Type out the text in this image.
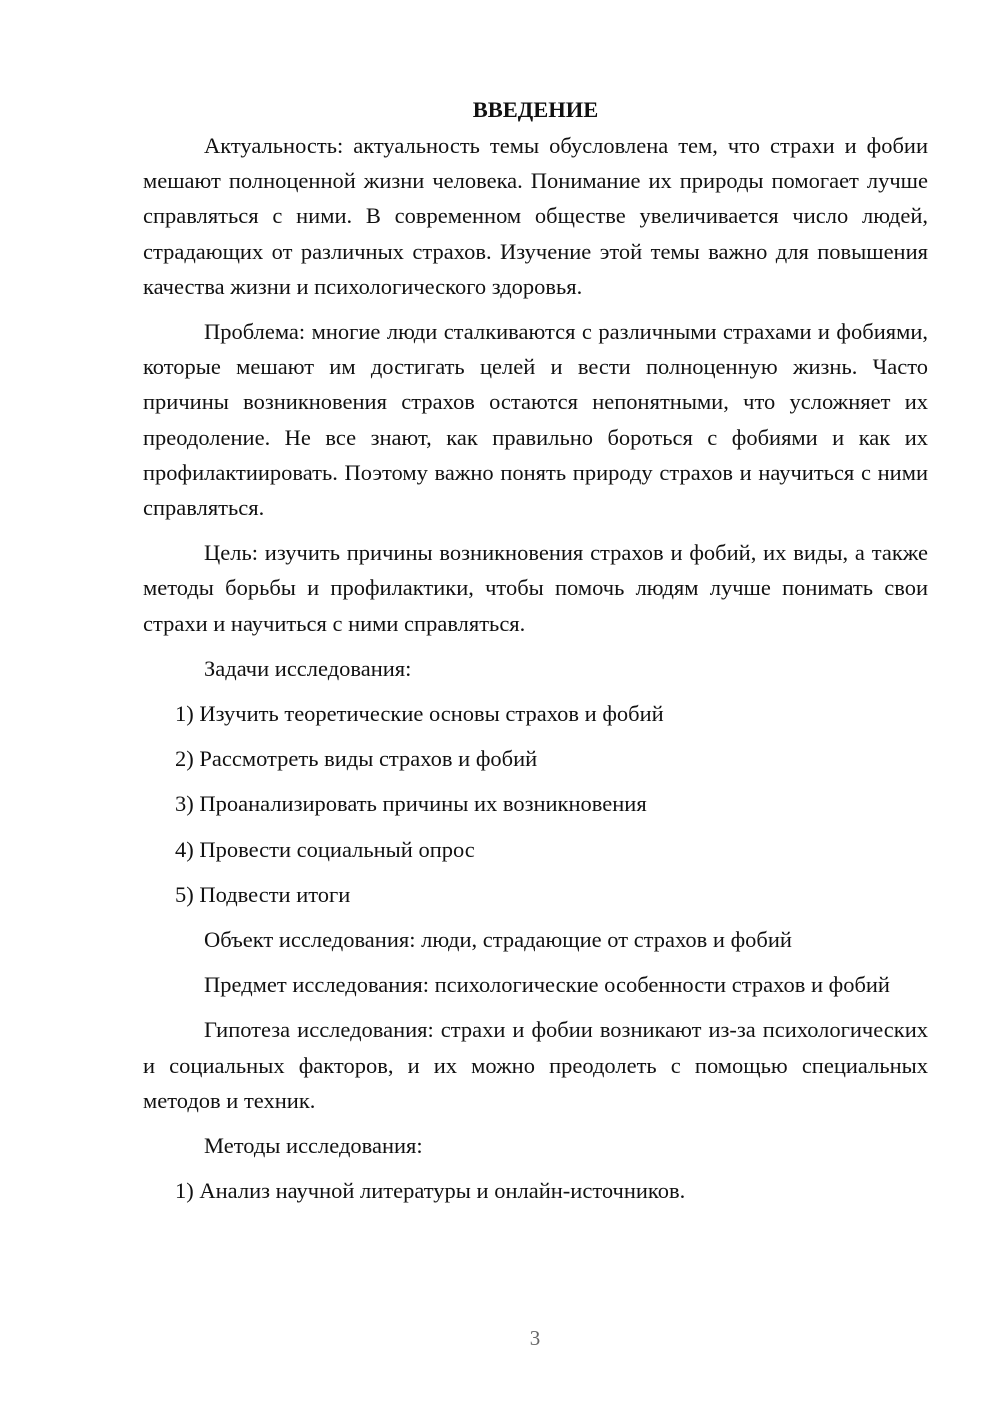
ВВЕДЕНИЕ

Актуальность: актуальность темы обусловлена тем, что страхи и фобии мешают полноценной жизни человека. Понимание их природы помогает лучше справляться с ними. В современном обществе увеличивается число людей, страдающих от различных страхов. Изучение этой темы важно для повышения качества жизни и психологического здоровья.

Проблема: многие люди сталкиваются с различными страхами и фобиями, которые мешают им достигать целей и вести полноценную жизнь. Часто причины возникновения страхов остаются непонятными, что усложняет их преодоление. Не все знают, как правильно бороться с фобиями и как их профилактиировать. Поэтому важно понять природу страхов и научиться с ними справляться.

Цель: изучить причины возникновения страхов и фобий, их виды, а также методы борьбы и профилактики, чтобы помочь людям лучше понимать свои страхи и научиться с ними справляться.

Задачи исследования:

1) Изучить теоретические основы страхов и фобий

2) Рассмотреть виды страхов и фобий

3) Проанализировать причины их возникновения

4) Провести социальный опрос

5) Подвести итоги

Объект исследования: люди, страдающие от страхов и фобий

Предмет исследования: психологические особенности страхов и фобий

Гипотеза исследования: страхи и фобии возникают из-за психологических и социальных факторов, и их можно преодолеть с помощью специальных методов и техник.

Методы исследования:

1) Анализ научной литературы и онлайн-источников.

3
